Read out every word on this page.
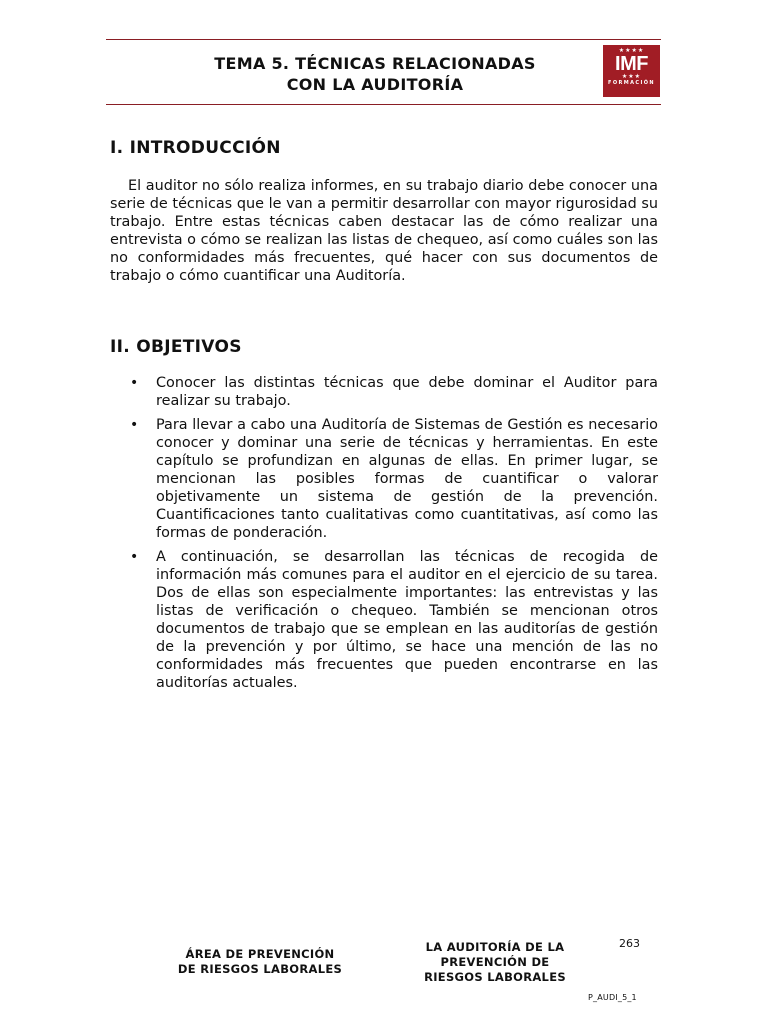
TEMA 5. TÉCNICAS RELACIONADAS
CON LA AUDITORÍA
★★★★
IMF
★★★
FORMACIÓN
I. INTRODUCCIÓN

El auditor no sólo realiza informes, en su trabajo diario debe conocer una serie de técnicas que le van a permitir desarrollar con mayor rigurosidad su trabajo. Entre estas técnicas caben destacar las de cómo realizar una entrevista o cómo se realizan las listas de chequeo, así como cuáles son las no conformidades más frecuentes, qué hacer con sus documentos de trabajo o cómo cuantificar una Auditoría.

II. OBJETIVOS
• Conocer las distintas técnicas que debe dominar el Auditor para realizar su trabajo.
• Para llevar a cabo una Auditoría de Sistemas de Gestión es necesario conocer y dominar una serie de técnicas y herramientas. En este capítulo se profundizan en algunas de ellas. En primer lugar, se mencionan las posibles formas de cuantificar o valorar objetivamente un sistema de gestión de la prevención. Cuantificaciones tanto cualitativas como cuantitativas, así como las formas de ponderación.
• A continuación, se desarrollan las técnicas de recogida de información más comunes para el auditor en el ejercicio de su tarea. Dos de ellas son especialmente importantes: las entrevistas y las listas de verificación o chequeo. También se mencionan otros documentos de trabajo que se emplean en las auditorías de gestión de la prevención y por último, se hace una mención de las no conformidades más frecuentes que pueden encontrarse en las auditorías actuales.
263
ÁREA DE PREVENCIÓN
DE RIESGOS LABORALES
LA AUDITORÍA DE LA
PREVENCIÓN DE
RIESGOS LABORALES
P_AUDI_5_1
